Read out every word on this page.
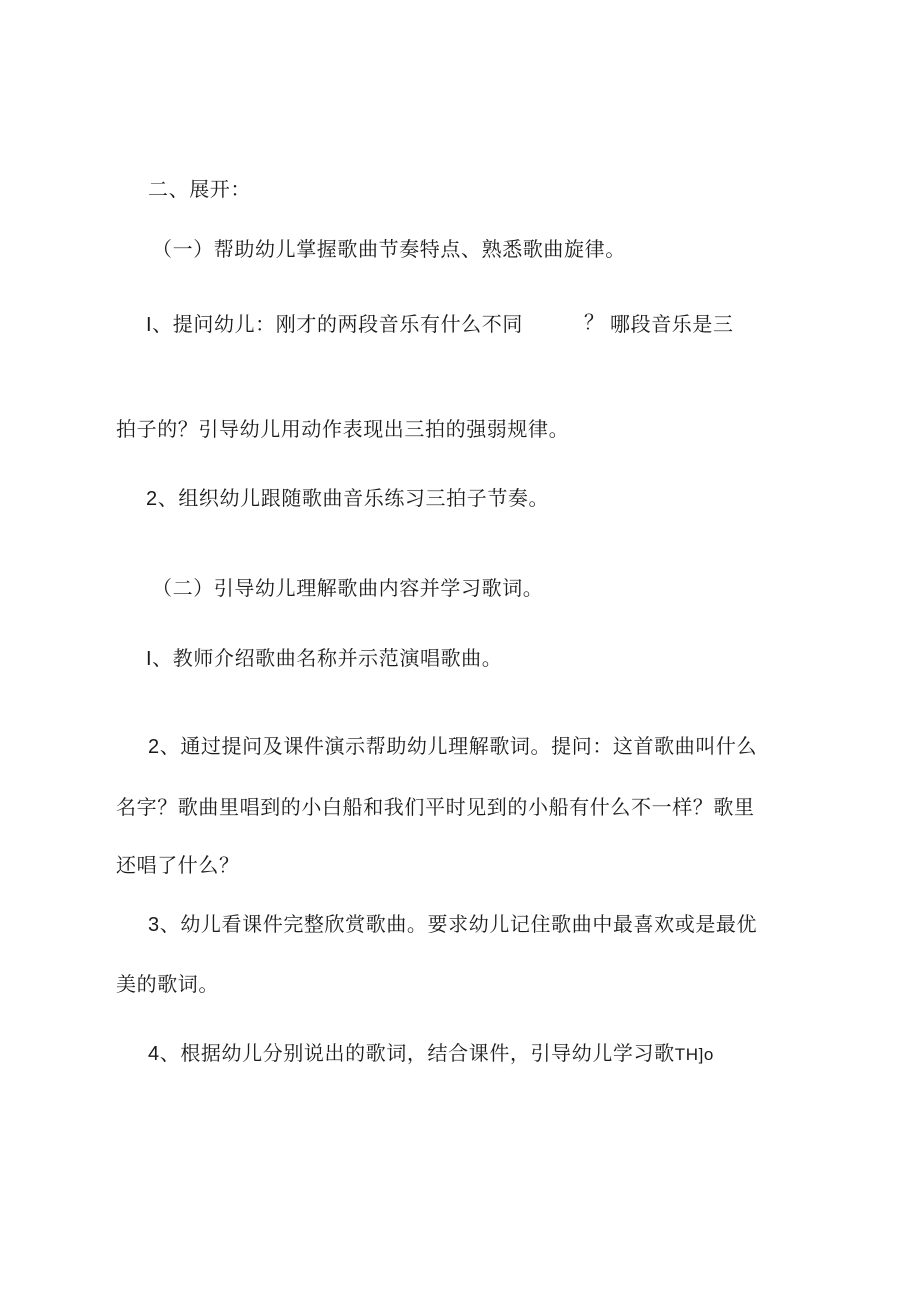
二、展开：
（一）帮助幼儿掌握歌曲节奏特点、熟悉歌曲旋律。
I、提问幼儿：刚才的两段音乐有什么不同	？ 哪段音乐是三
拍子的？引导幼儿用动作表现出三拍的强弱规律。
2、组织幼儿跟随歌曲音乐练习三拍子节奏。
（二）引导幼儿理解歌曲内容并学习歌词。
I、教师介绍歌曲名称并示范演唱歌曲。
2、通过提问及课件演示帮助幼儿理解歌词。提问：这首歌曲叫什么
名字？歌曲里唱到的小白船和我们平时见到的小船有什么不一样？歌里
还唱了什么？
3、幼儿看课件完整欣赏歌曲。要求幼儿记住歌曲中最喜欢或是最优
美的歌词。
4、根据幼儿分别说出的歌词，结合课件，引导幼儿学习歌TH]o
